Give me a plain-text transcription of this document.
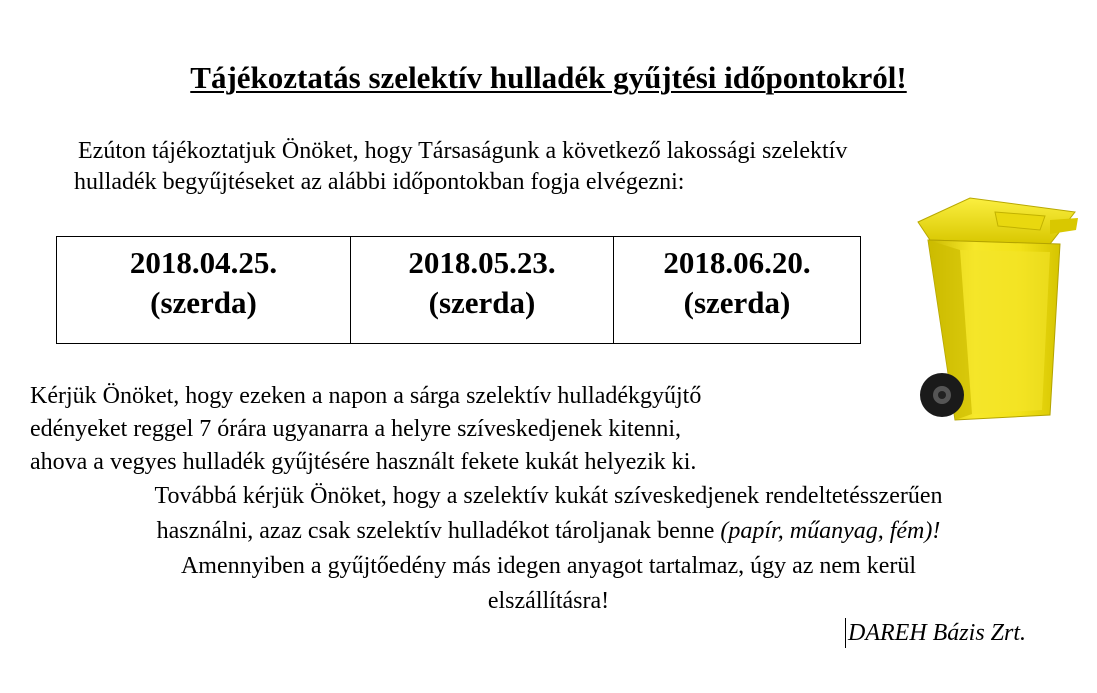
Tájékoztatás szelektív hulladék gyűjtési időpontokról!
Ezúton tájékoztatjuk Önöket, hogy Társaságunk a következő lakossági szelektív
hulladék begyűjtéseket az alábbi időpontokban fogja elvégezni:
2018.04.25.
(szerda)
2018.05.23.
(szerda)
2018.06.20.
(szerda)
Kérjük Önöket, hogy ezeken a napon a sárga szelektív hulladékgyűjtő
edényeket reggel 7 órára ugyanarra a helyre szíveskedjenek kitenni,
ahova a vegyes hulladék gyűjtésére használt fekete kukát helyezik ki.
Továbbá kérjük Önöket, hogy a szelektív kukát szíveskedjenek rendeltetésszerűen
használni, azaz csak szelektív hulladékot tároljanak benne (papír, műanyag, fém)!
Amennyiben a gyűjtőedény más idegen anyagot tartalmaz, úgy az nem kerül
elszállításra!
DAREH Bázis Zrt.
